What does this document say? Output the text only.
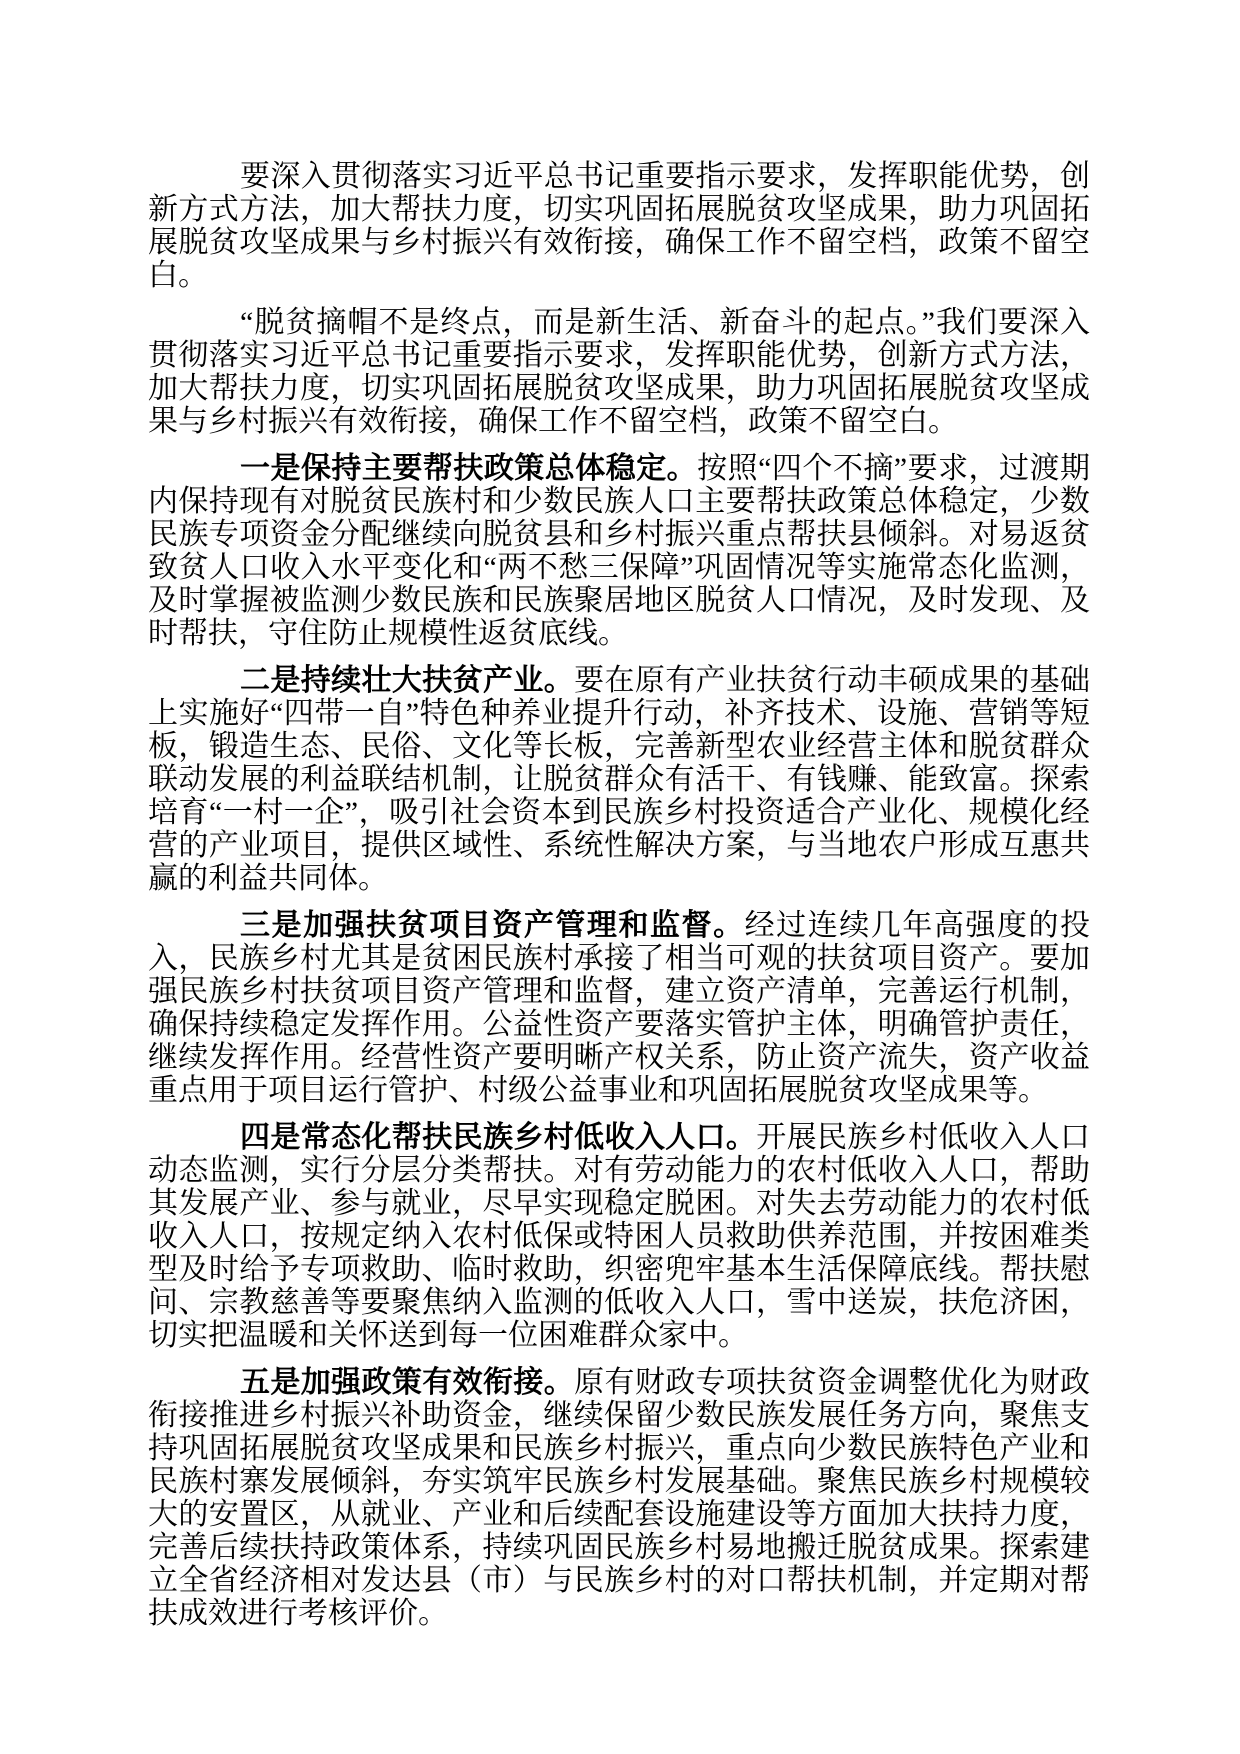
要深入贯彻落实习近平总书记重要指示要求，发挥职能优势，创新方式方法，加大帮扶力度，切实巩固拓展脱贫攻坚成果，助力巩固拓展脱贫攻坚成果与乡村振兴有效衔接，确保工作不留空档，政策不留空白。

“脱贫摘帽不是终点，而是新生活、新奋斗的起点。”我们要深入贯彻落实习近平总书记重要指示要求，发挥职能优势，创新方式方法，加大帮扶力度，切实巩固拓展脱贫攻坚成果，助力巩固拓展脱贫攻坚成果与乡村振兴有效衔接，确保工作不留空档，政策不留空白。

一是保持主要帮扶政策总体稳定。按照“四个不摘”要求，过渡期内保持现有对脱贫民族村和少数民族人口主要帮扶政策总体稳定，少数民族专项资金分配继续向脱贫县和乡村振兴重点帮扶县倾斜。对易返贫致贫人口收入水平变化和“两不愁三保障”巩固情况等实施常态化监测，及时掌握被监测少数民族和民族聚居地区脱贫人口情况，及时发现、及时帮扶，守住防止规模性返贫底线。

二是持续壮大扶贫产业。要在原有产业扶贫行动丰硕成果的基础上实施好“四带一自”特色种养业提升行动，补齐技术、设施、营销等短板，锻造生态、民俗、文化等长板，完善新型农业经营主体和脱贫群众联动发展的利益联结机制，让脱贫群众有活干、有钱赚、能致富。探索培育“一村一企”，吸引社会资本到民族乡村投资适合产业化、规模化经营的产业项目，提供区域性、系统性解决方案，与当地农户形成互惠共赢的利益共同体。

三是加强扶贫项目资产管理和监督。经过连续几年高强度的投入，民族乡村尤其是贫困民族村承接了相当可观的扶贫项目资产。要加强民族乡村扶贫项目资产管理和监督，建立资产清单，完善运行机制，确保持续稳定发挥作用。公益性资产要落实管护主体，明确管护责任，继续发挥作用。经营性资产要明晰产权关系，防止资产流失，资产收益重点用于项目运行管护、村级公益事业和巩固拓展脱贫攻坚成果等。

四是常态化帮扶民族乡村低收入人口。开展民族乡村低收入人口动态监测，实行分层分类帮扶。对有劳动能力的农村低收入人口，帮助其发展产业、参与就业，尽早实现稳定脱困。对失去劳动能力的农村低收入人口，按规定纳入农村低保或特困人员救助供养范围，并按困难类型及时给予专项救助、临时救助，织密兜牢基本生活保障底线。帮扶慰问、宗教慈善等要聚焦纳入监测的低收入人口，雪中送炭，扶危济困，切实把温暖和关怀送到每一位困难群众家中。

五是加强政策有效衔接。原有财政专项扶贫资金调整优化为财政衔接推进乡村振兴补助资金，继续保留少数民族发展任务方向，聚焦支持巩固拓展脱贫攻坚成果和民族乡村振兴，重点向少数民族特色产业和民族村寨发展倾斜，夯实筑牢民族乡村发展基础。聚焦民族乡村规模较大的安置区，从就业、产业和后续配套设施建设等方面加大扶持力度，完善后续扶持政策体系，持续巩固民族乡村易地搬迁脱贫成果。探索建立全省经济相对发达县（市）与民族乡村的对口帮扶机制，并定期对帮扶成效进行考核评价。
